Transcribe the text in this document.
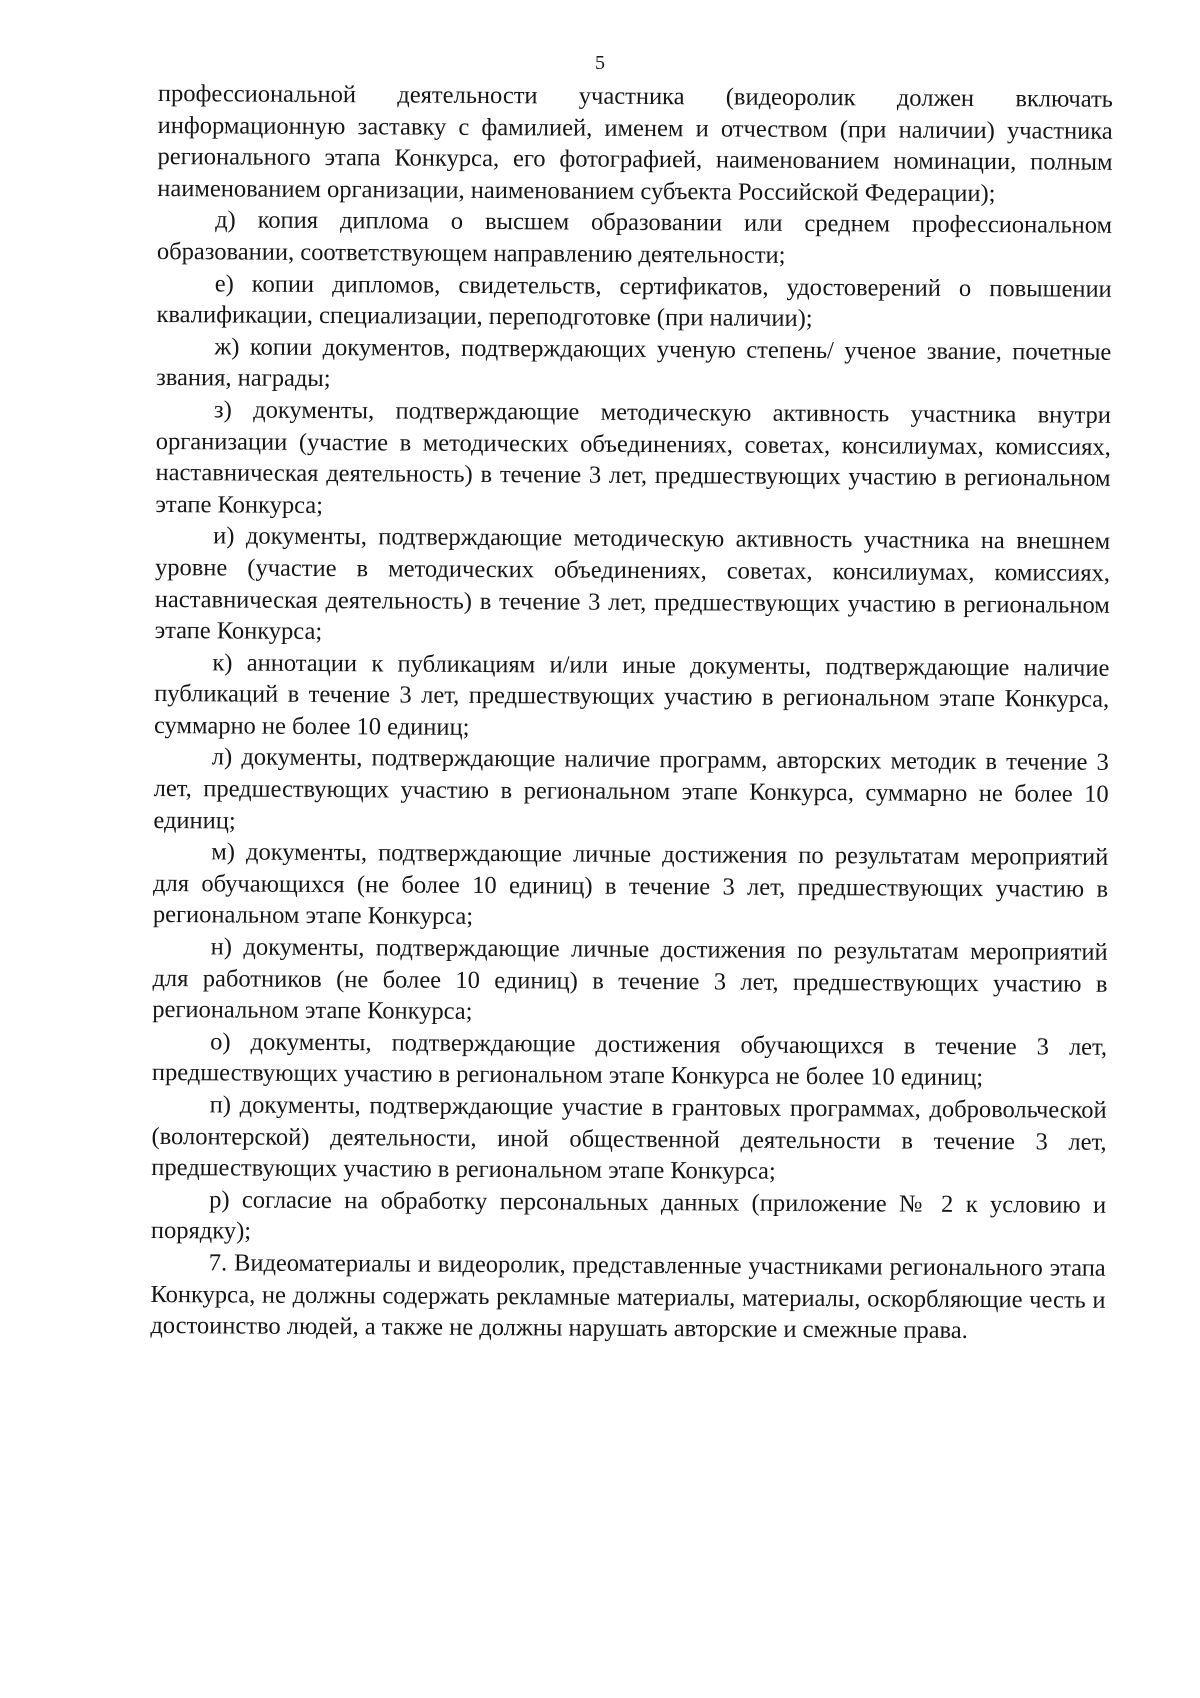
5

профессиональной деятельности участника (видеоролик должен включать информационную заставку с фамилией, именем и отчеством (при наличии) участника регионального этапа Конкурса, его фотографией, наименованием номинации, полным наименованием организации, наименованием субъекта Российской Федерации);

д) копия диплома о высшем образовании или среднем профессиональном образовании, соответствующем направлению деятельности;

е) копии дипломов, свидетельств, сертификатов, удостоверений о повышении квалификации, специализации, переподготовке (при наличии);

ж) копии документов, подтверждающих ученую степень/ ученое звание, почетные звания, награды;

з) документы, подтверждающие методическую активность участника внутри организации (участие в методических объединениях, советах, консилиумах, комиссиях, наставническая деятельность) в течение 3 лет, предшествующих участию в региональном этапе Конкурса;

и) документы, подтверждающие методическую активность участника на внешнем уровне (участие в методических объединениях, советах, консилиумах, комиссиях, наставническая деятельность) в течение 3 лет, предшествующих участию в региональном этапе Конкурса;

к) аннотации к публикациям и/или иные документы, подтверждающие наличие публикаций в течение 3 лет, предшествующих участию в региональном этапе Конкурса, суммарно не более 10 единиц;

л) документы, подтверждающие наличие программ, авторских методик в течение 3 лет, предшествующих участию в региональном этапе Конкурса, суммарно не более 10 единиц;

м) документы, подтверждающие личные достижения по результатам мероприятий для обучающихся (не более 10 единиц) в течение 3 лет, предшествующих участию в региональном этапе Конкурса;

н) документы, подтверждающие личные достижения по результатам мероприятий для работников (не более 10 единиц) в течение 3 лет, предшествующих участию в региональном этапе Конкурса;

о) документы, подтверждающие достижения обучающихся в течение 3 лет, предшествующих участию в региональном этапе Конкурса не более 10 единиц;

п) документы, подтверждающие участие в грантовых программах, добровольческой (волонтерской) деятельности, иной общественной деятельности в течение 3 лет, предшествующих участию в региональном этапе Конкурса;

р) согласие на обработку персональных данных (приложение № 2 к условию и порядку);

7. Видеоматериалы и видеоролик, представленные участниками регионального этапа Конкурса, не должны содержать рекламные материалы, материалы, оскорбляющие честь и достоинство людей, а также не должны нарушать авторские и смежные права.
